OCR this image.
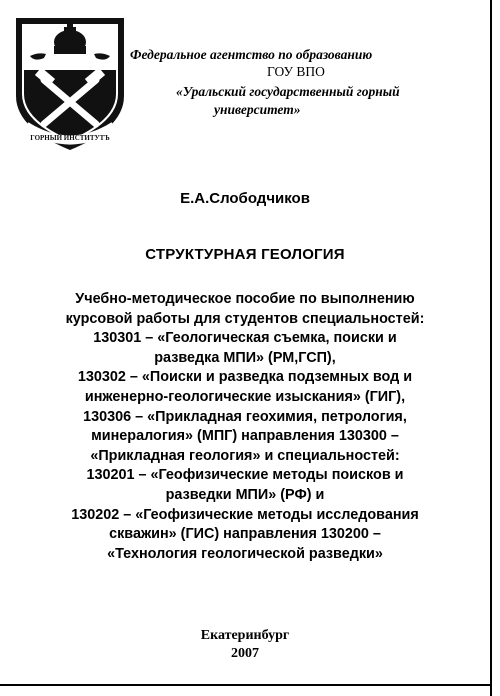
ГОРНЫЙ ИНСТИТУТЪ
Федеральное агентство по образованию
ГОУ ВПО
«Уральский государственный горный
университет»
Е.А.Слободчиков
СТРУКТУРНАЯ ГЕОЛОГИЯ
Учебно-методическое пособие по выполнению
курсовой работы для студентов специальностей:
130301 – «Геологическая съемка, поиски и
разведка МПИ» (РМ,ГСП),
130302 – «Поиски и разведка подземных вод и
инженерно-геологические изыскания» (ГИГ),
130306 – «Прикладная геохимия, петрология,
минералогия» (МПГ) направления 130300 –
«Прикладная геология» и специальностей:
130201 – «Геофизические методы поисков и
разведки МПИ» (РФ) и
130202 – «Геофизические методы исследования
скважин» (ГИС) направления 130200 –
«Технология геологической разведки»
Екатеринбург
2007
